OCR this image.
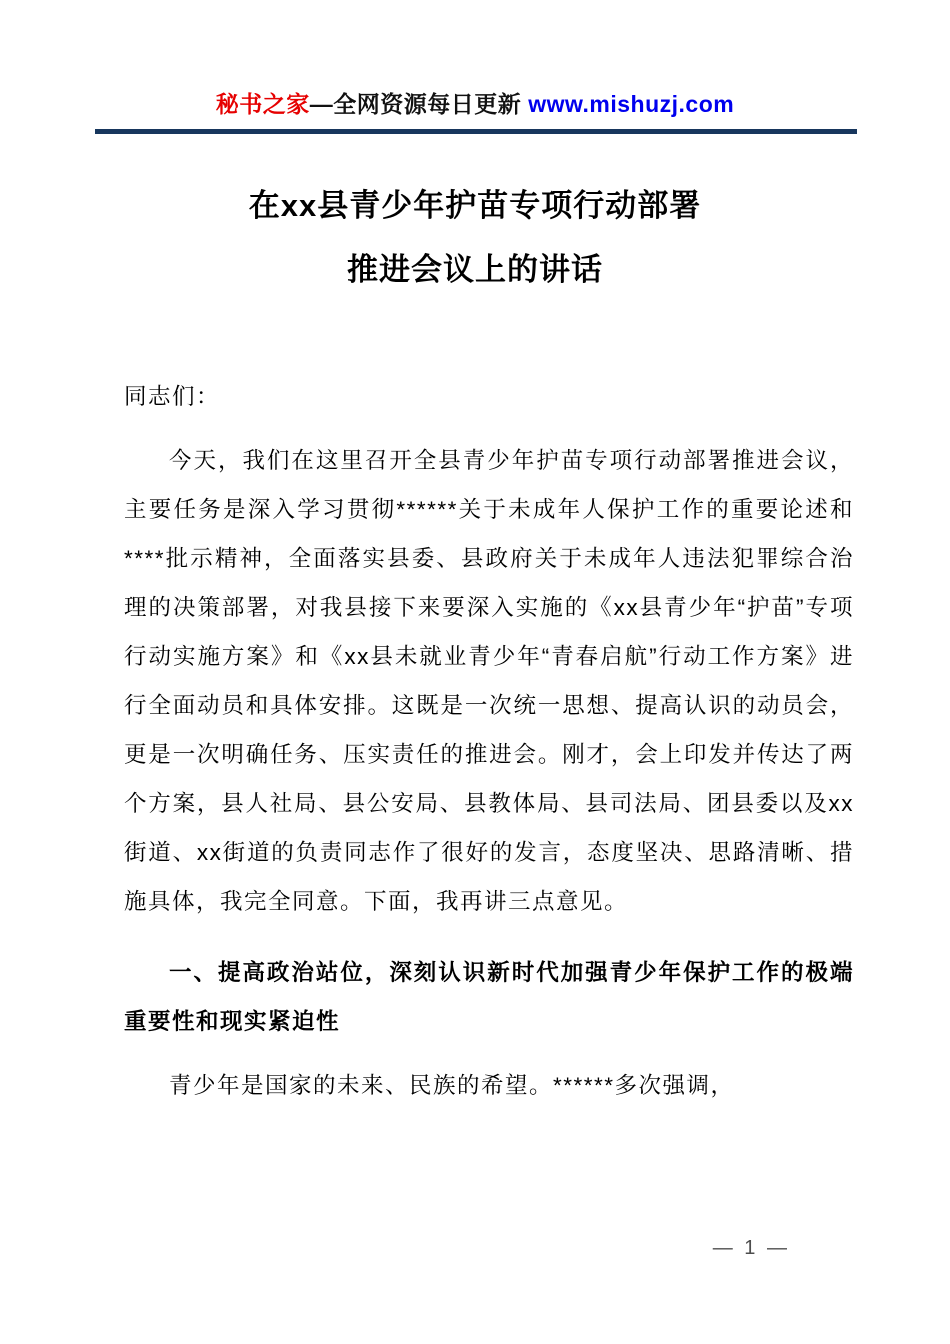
秘书之家—全网资源每日更新 www.mishuzj.com
在xx县青少年护苗专项行动部署
推进会议上的讲话

同志们：

今天，我们在这里召开全县青少年护苗专项行动部署推进会议，主要任务是深入学习贯彻******关于未成年人保护工作的重要论述和****批示精神，全面落实县委、县政府关于未成年人违法犯罪综合治理的决策部署，对我县接下来要深入实施的《xx县青少年“护苗”专项行动实施方案》和《xx县未就业青少年“青春启航”行动工作方案》进行全面动员和具体安排。这既是一次统一思想、提高认识的动员会，更是一次明确任务、压实责任的推进会。刚才，会上印发并传达了两个方案，县人社局、县公安局、县教体局、县司法局、团县委以及xx街道、xx街道的负责同志作了很好的发言，态度坚决、思路清晰、措施具体，我完全同意。下面，我再讲三点意见。

一、提高政治站位，深刻认识新时代加强青少年保护工作的极端重要性和现实紧迫性

青少年是国家的未来、民族的希望。******多次强调，

— 1 —
